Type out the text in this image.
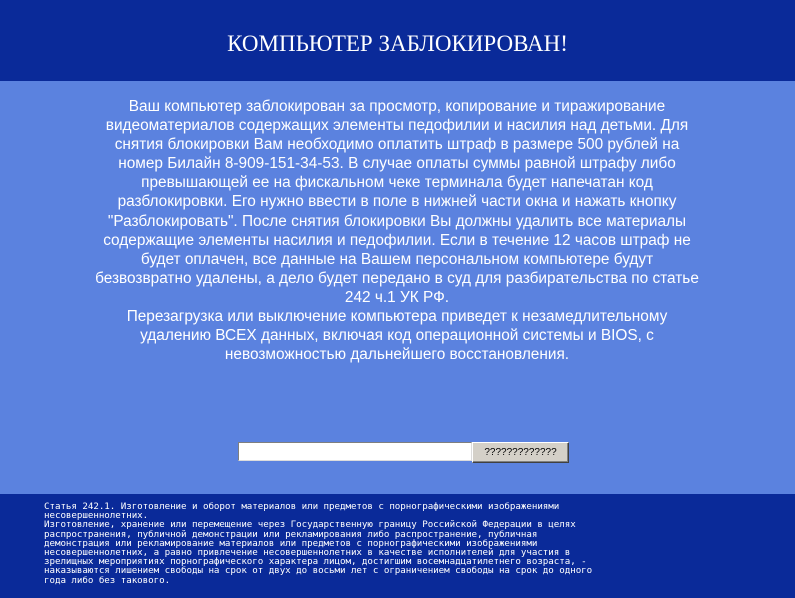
КОМПЬЮТЕР ЗАБЛОКИРОВАН!

Ваш компьютер заблокирован за просмотр, копирование и тиражирование видеоматериалов содержащих элементы педофилии и насилия над детьми. Для снятия блокировки Вам необходимо оплатить штраф в размере 500 рублей на номер Билайн 8-909-151-34-53. В случае оплаты суммы равной штрафу либо превышающей ее на фискальном чеке терминала будет напечатан код разблокировки. Его нужно ввести в поле в нижней части окна и нажать кнопку "Разблокировать". После снятия блокировки Вы должны удалить все материалы содержащие элементы насилия и педофилии. Если в течение 12 часов штраф не будет оплачен, все данные на Вашем персональном компьютере будут безвозвратно удалены, а дело будет передано в суд для разбирательства по статье 242 ч.1 УК РФ.

Перезагрузка или выключение компьютера приведет к незамедлительному удалению ВСЕХ данных, включая код операционной системы и BIOS, с невозможностью дальнейшего восстановления.

?????????????
Статья 242.1. Изготовление и оборот материалов или предметов с порнографическими изображениями
несовершеннолетних.
Изготовление, хранение или перемещение через Государственную границу Российской Федерации в целях
распространения, публичной демонстрации или рекламирования либо распространение, публичная
демонстрация или рекламирование материалов или предметов с порнографическими изображениями
несовершеннолетних, а равно привлечение несовершеннолетних в качестве исполнителей для участия в
зрелищных мероприятиях порнографического характера лицом, достигшим восемнадцатилетнего возраста, -
наказываются лишением свободы на срок от двух до восьми лет с ограничением свободы на срок до одного
года либо без такового.
